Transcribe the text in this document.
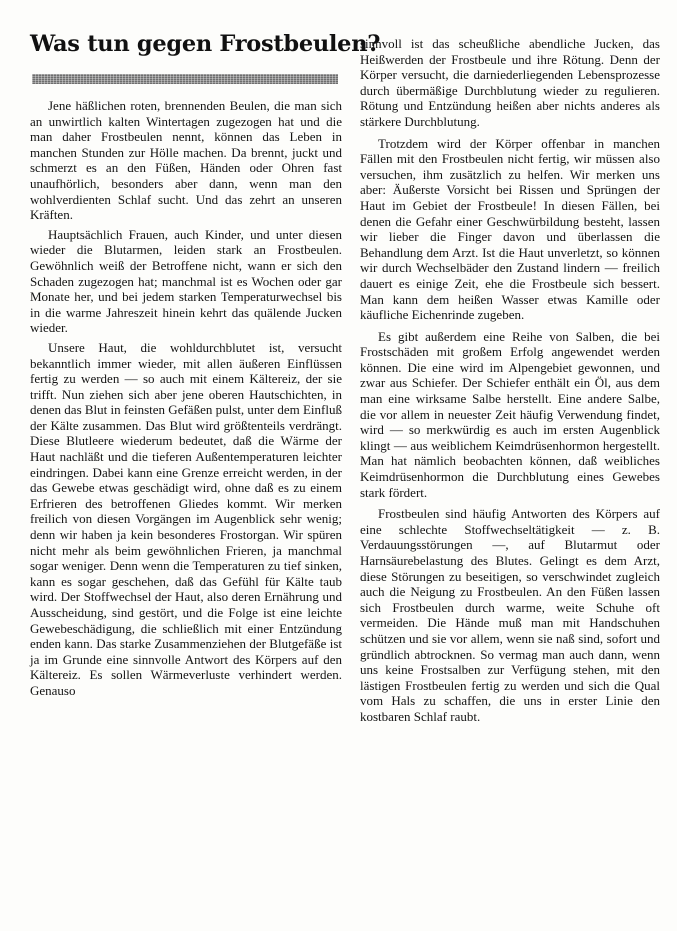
Was tun gegen Frostbeulen?

Jene häßlichen roten, brennenden Beulen, die man sich an unwirtlich kalten Wintertagen zugezogen hat und die man daher Frostbeulen nennt, können das Leben in manchen Stunden zur Hölle machen. Da brennt, juckt und schmerzt es an den Füßen, Händen oder Ohren fast unaufhörlich, besonders aber dann, wenn man den wohlverdienten Schlaf sucht. Und das zehrt an unseren Kräften.

Hauptsächlich Frauen, auch Kinder, und unter diesen wieder die Blutarmen, leiden stark an Frostbeulen. Gewöhnlich weiß der Betroffene nicht, wann er sich den Schaden zugezogen hat; manchmal ist es Wochen oder gar Monate her, und bei jedem starken Temperaturwechsel bis in die warme Jahreszeit hinein kehrt das quälende Jucken wieder.

Unsere Haut, die wohldurchblutet ist, versucht bekanntlich immer wieder, mit allen äußeren Einflüssen fertig zu werden — so auch mit einem Kältereiz, der sie trifft. Nun ziehen sich aber jene oberen Hautschichten, in denen das Blut in feinsten Gefäßen pulst, unter dem Einfluß der Kälte zusammen. Das Blut wird größtenteils verdrängt. Diese Blutleere wiederum bedeutet, daß die Wärme der Haut nachläßt und die tieferen Außentemperaturen leichter eindringen. Dabei kann eine Grenze erreicht werden, in der das Gewebe etwas geschädigt wird, ohne daß es zu einem Erfrieren des betroffenen Gliedes kommt. Wir merken freilich von diesen Vorgängen im Augenblick sehr wenig; denn wir haben ja kein besonderes Frostorgan. Wir spüren nicht mehr als beim gewöhnlichen Frieren, ja manchmal sogar weniger. Denn wenn die Temperaturen zu tief sinken, kann es sogar geschehen, daß das Gefühl für Kälte taub wird. Der Stoffwechsel der Haut, also deren Ernährung und Ausscheidung, sind gestört, und die Folge ist eine leichte Gewebeschädigung, die schließlich mit einer Entzündung enden kann. Das starke Zusammenziehen der Blutgefäße ist ja im Grunde eine sinnvolle Antwort des Körpers auf den Kältereiz. Es sollen Wärmeverluste verhindert werden. Genauso

sinnvoll ist das scheußliche abendliche Jucken, das Heißwerden der Frostbeule und ihre Rötung. Denn der Körper versucht, die darniederliegenden Lebensprozesse durch übermäßige Durchblutung wieder zu regulieren. Rötung und Entzündung heißen aber nichts anderes als stärkere Durchblutung.

Trotzdem wird der Körper offenbar in manchen Fällen mit den Frostbeulen nicht fertig, wir müssen also versuchen, ihm zusätzlich zu helfen. Wir merken uns aber: Äußerste Vorsicht bei Rissen und Sprüngen der Haut im Gebiet der Frostbeule! In diesen Fällen, bei denen die Gefahr einer Geschwürbildung besteht, lassen wir lieber die Finger davon und überlassen die Behandlung dem Arzt. Ist die Haut unverletzt, so können wir durch Wechselbäder den Zustand lindern — freilich dauert es einige Zeit, ehe die Frostbeule sich bessert. Man kann dem heißen Wasser etwas Kamille oder käufliche Eichenrinde zugeben.

Es gibt außerdem eine Reihe von Salben, die bei Frostschäden mit großem Erfolg angewendet werden können. Die eine wird im Alpengebiet gewonnen, und zwar aus Schiefer. Der Schiefer enthält ein Öl, aus dem man eine wirksame Salbe herstellt. Eine andere Salbe, die vor allem in neuester Zeit häufig Verwendung findet, wird — so merkwürdig es auch im ersten Augenblick klingt — aus weiblichem Keimdrüsenhormon hergestellt. Man hat nämlich beobachten können, daß weibliches Keimdrüsenhormon die Durchblutung eines Gewebes stark fördert.

Frostbeulen sind häufig Antworten des Körpers auf eine schlechte Stoffwechseltätigkeit — z. B. Verdauungsstörungen —, auf Blutarmut oder Harnsäurebelastung des Blutes. Gelingt es dem Arzt, diese Störungen zu beseitigen, so verschwindet zugleich auch die Neigung zu Frostbeulen. An den Füßen lassen sich Frostbeulen durch warme, weite Schuhe oft vermeiden. Die Hände muß man mit Handschuhen schützen und sie vor allem, wenn sie naß sind, sofort und gründlich abtrocknen. So vermag man auch dann, wenn uns keine Frostsalben zur Verfügung stehen, mit den lästigen Frostbeulen fertig zu werden und sich die Qual vom Hals zu schaffen, die uns in erster Linie den kostbaren Schlaf raubt.
